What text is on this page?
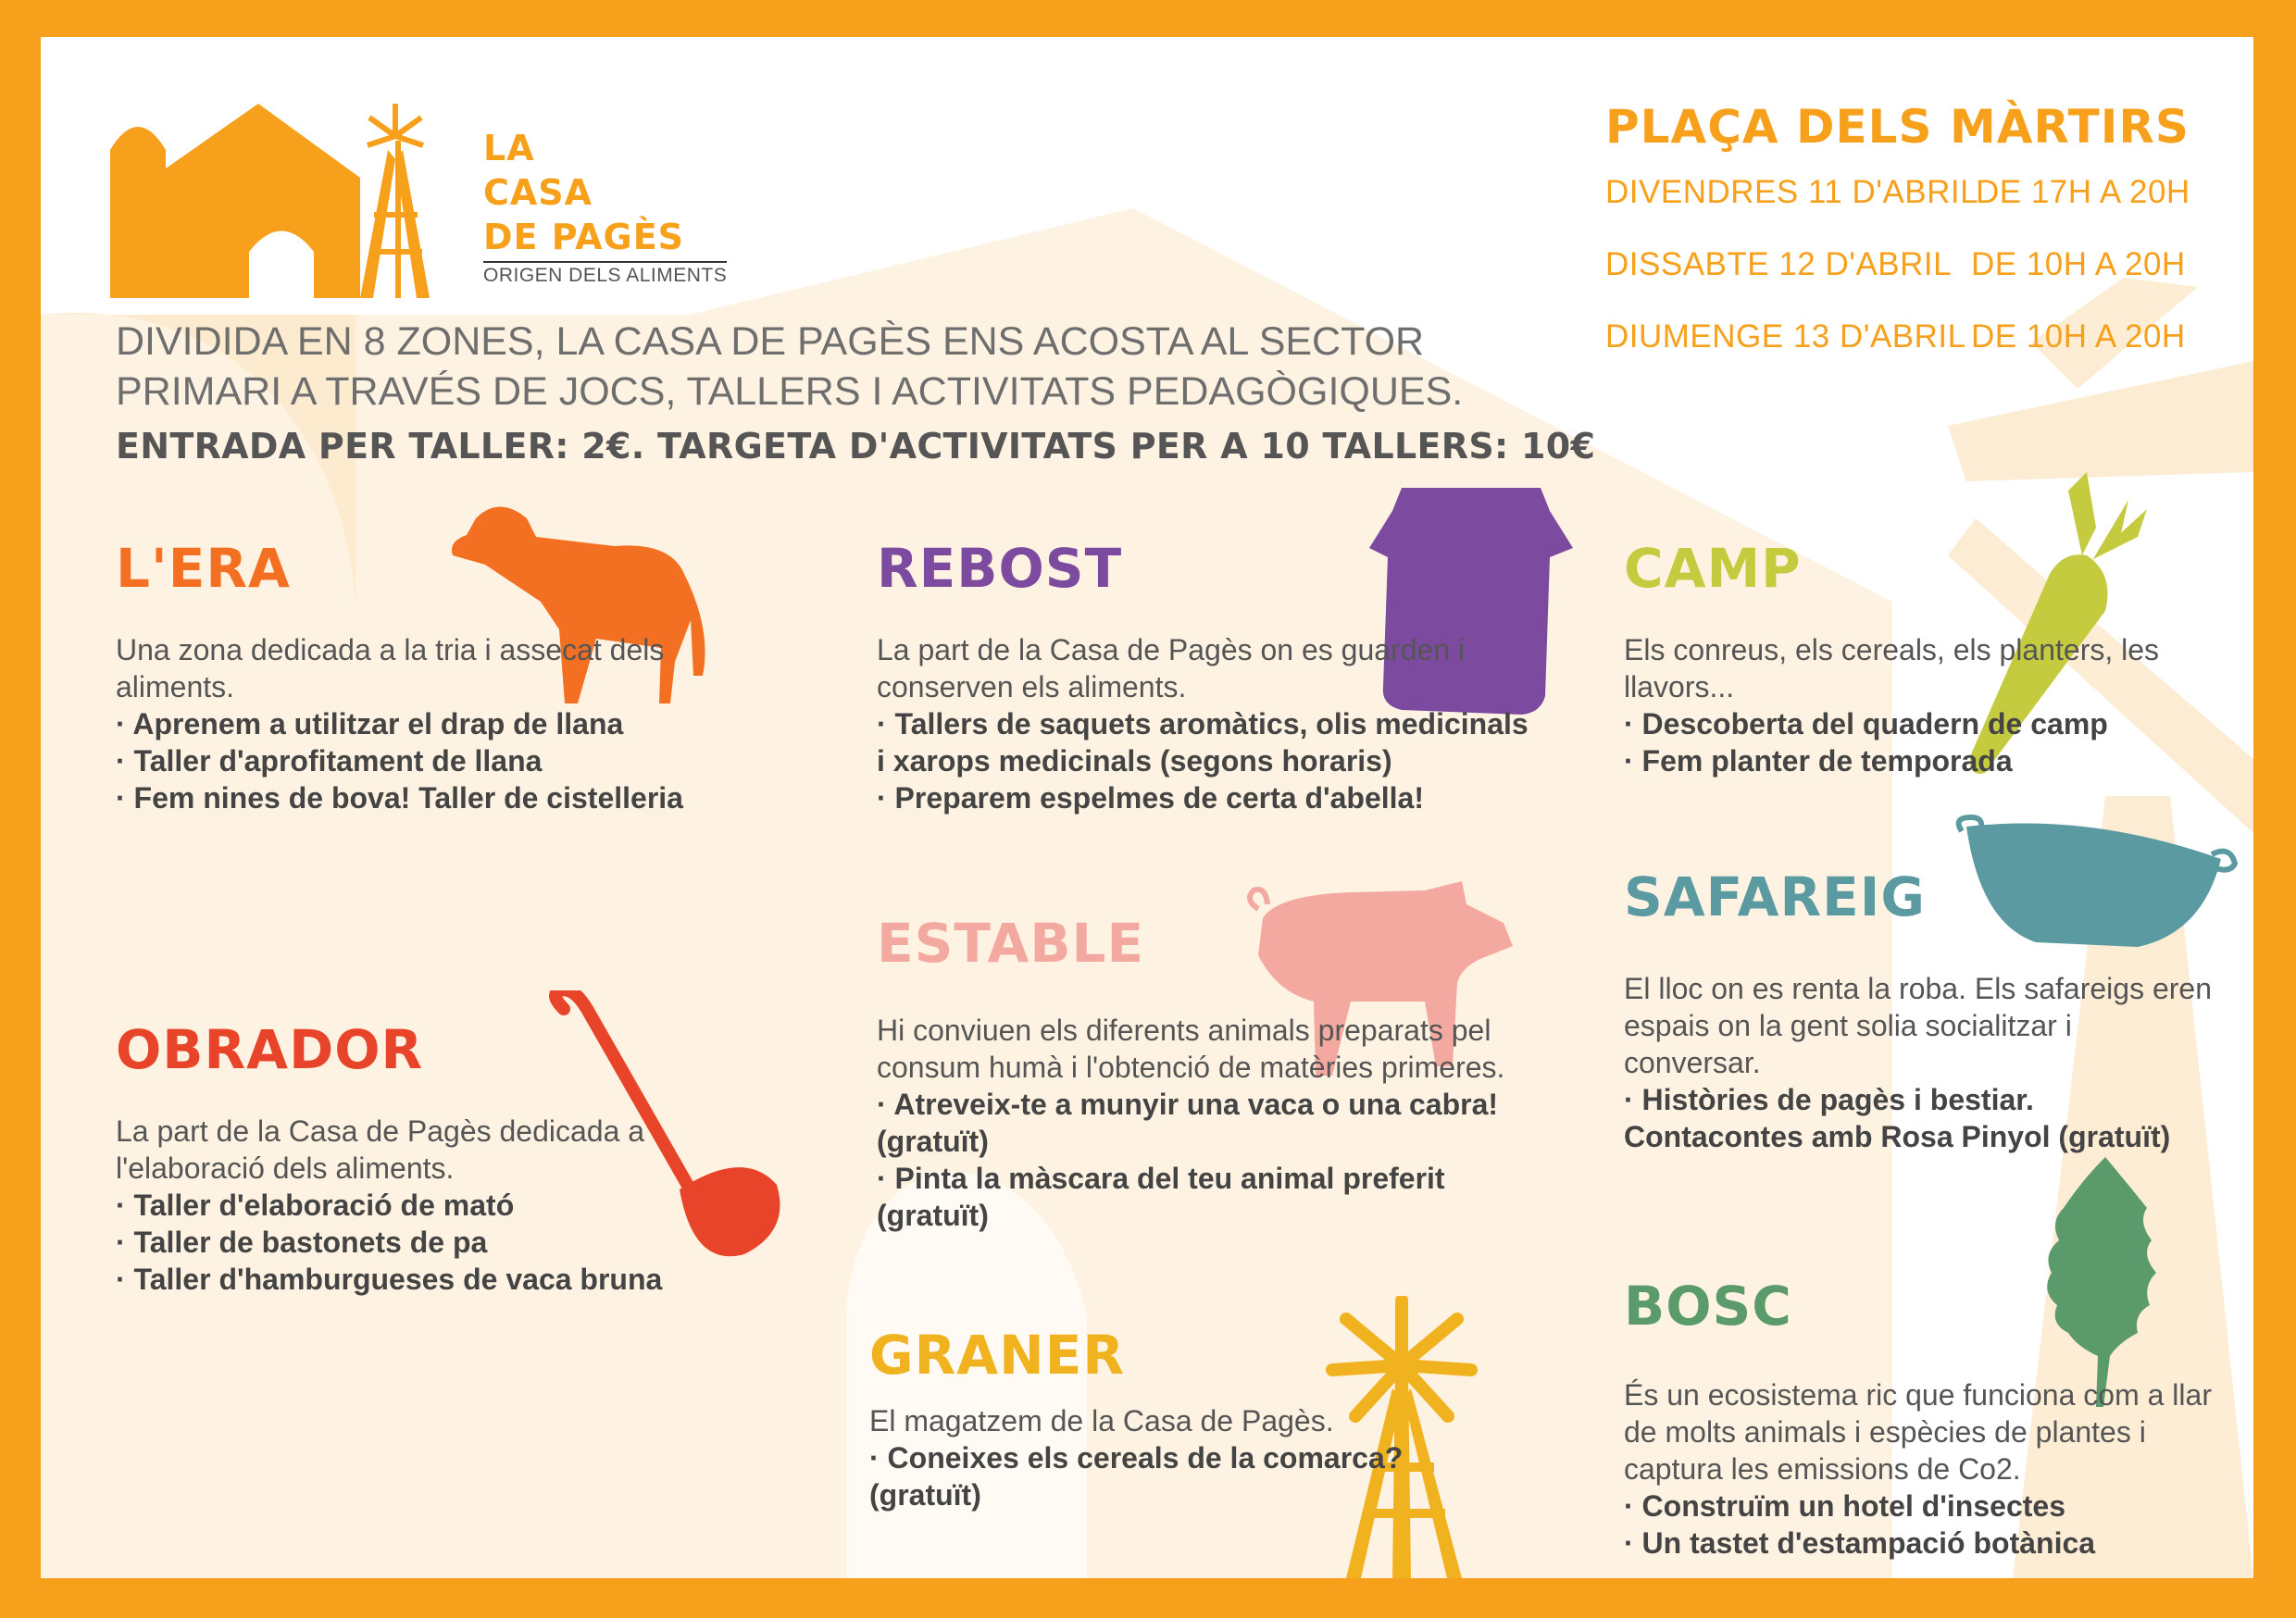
LA
CASA
DE PAGÈS
ORIGEN DELS ALIMENTS
PLAÇA DELS MÀRTIRS
DIVENDRES 11 D'ABRIL
DE 17H A 20H
DISSABTE 12 D'ABRIL DE 10H A 20H
DIUMENGE 13 D'ABRIL DE 10H A 20H
DIVIDIDA EN 8 ZONES, LA CASA DE PAGÈS ENS ACOSTA AL SECTOR PRIMARI A TRAVÉS DE JOCS, TALLERS I ACTIVITATS PEDAGÒGIQUES.
ENTRADA PER TALLER: 2€. TARGETA D'ACTIVITATS PER A 10 TALLERS: 10€
L'ERA
Una zona dedicada a la tria i assecat dels aliments.
· Aprenem a utilitzar el drap de llana
· Taller d'aprofitament de llana
· Fem nines de bova! Taller de cistelleria
OBRADOR
La part de la Casa de Pagès dedicada a l'elaboració dels aliments.
· Taller d'elaboració de mató
· Taller de bastonets de pa
· Taller d'hamburgueses de vaca bruna
REBOST
La part de la Casa de Pagès on es guarden i conserven els aliments.
· Tallers de saquets aromàtics, olis medicinals i xarops medicinals (segons horaris)
· Preparem espelmes de certa d'abella!
ESTABLE
Hi conviuen els diferents animals preparats pel consum humà i l'obtenció de matèries primeres.
· Atreveix-te a munyir una vaca o una cabra! (gratuït)
· Pinta la màscara del teu animal preferit (gratuït)
GRANER
El magatzem de la Casa de Pagès.
· Coneixes els cereals de la comarca? (gratuït)
CAMP
Els conreus, els cereals, els planters, les llavors...
· Descoberta del quadern de camp
· Fem planter de temporada
SAFAREIG
El lloc on es renta la roba. Els safareigs eren espais on la gent solia socialitzar i conversar.
· Històries de pagès i bestiar. Contacontes amb Rosa Pinyol (gratuït)
BOSC
És un ecosistema ric que funciona com a llar de molts animals i espècies de plantes i captura les emissions de Co2.
· Construïm un hotel d'insectes
· Un tastet d'estampació botànica
